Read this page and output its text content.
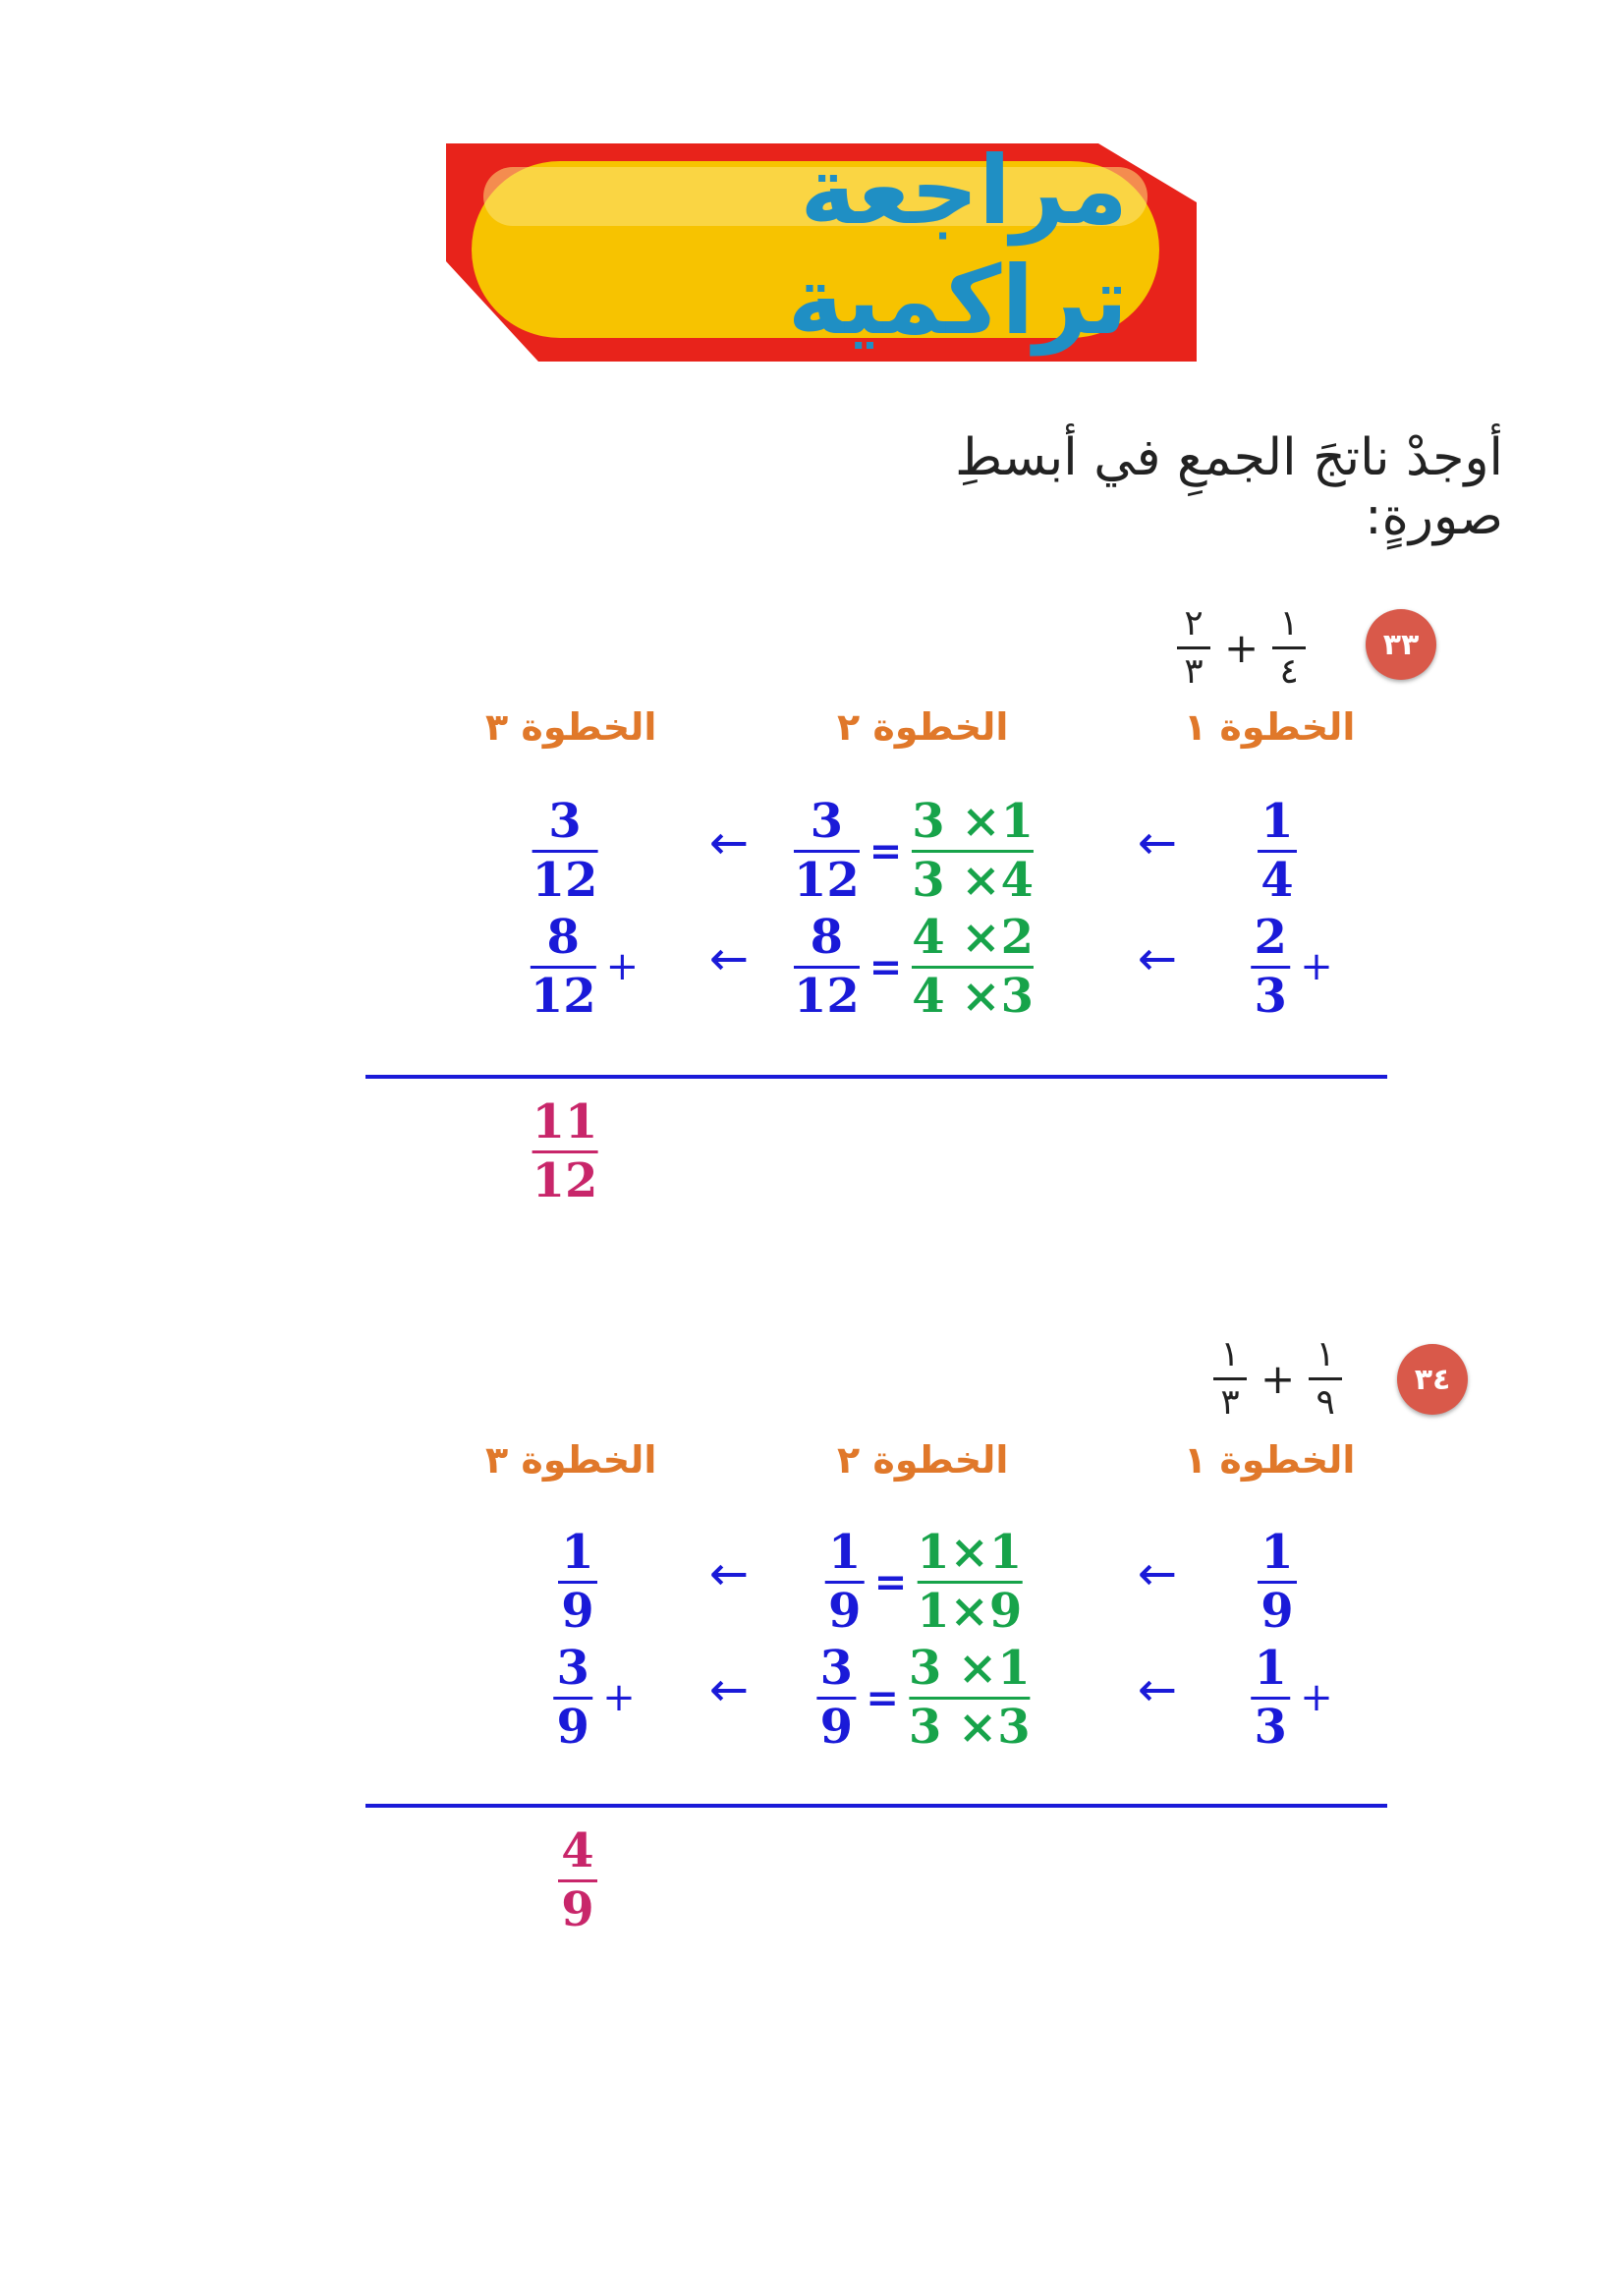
مراجعة تراكمية
أوجدْ ناتجَ الجمعِ في أبسطِ صورةٍ:
٣٣
٢
٣ +
١
٤
الخطوة ١
الخطوة ٢
الخطوة ٣
$\frac{1}{4}$
←
$\frac{3}{12} = \frac{3 \times 1}{3 \times 4}$
←
$\frac{3}{12}$
$\frac{2}{3}$ +
←
$\frac{8}{12} = \frac{4 \times 2}{4 \times 3}$
←
$\frac{8}{12}$ +
$\frac{11}{12}$
٣٤
١
٣ +
١
٩
الخطوة ١
الخطوة ٢
الخطوة ٣
$\frac{1}{9}$
←
$\frac{1}{9} = \frac{1\times 1}{1\times 9}$
←
$\frac{1}{9}$
$\frac{1}{3}$ +
←
$\frac{3}{9} = \frac{3 \times 1}{3 \times 3}$
←
$\frac{3}{9}$ +
$\frac{4}{9}$
